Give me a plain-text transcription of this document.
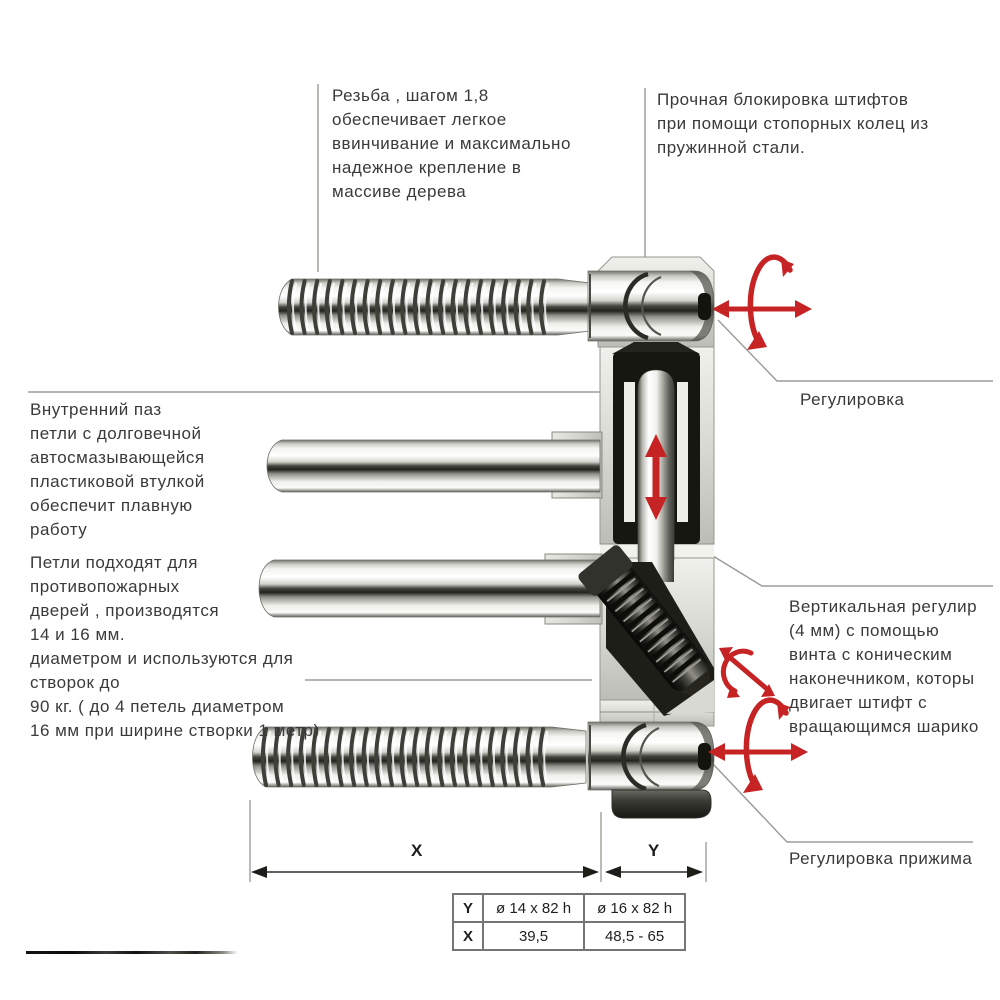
Резьба , шагом 1,8
обеспечивает легкое
ввинчивание и максимально
надежное крепление в
массиве дерева
Прочная блокировка штифтов
при помощи стопорных колец из
пружинной стали.
Внутренний паз
петли с долговечной
автосмазывающейся
пластиковой втулкой
обеспечит плавную
работу
Петли подходят для
противопожарных
дверей , производятся
14 и 16 мм.
диаметром и используются для
створок до
90 кг. ( до 4 петель диаметром
16 мм при ширине створки 1 метр)
Регулировка
Вертикальная регулир
(4 мм) с помощью
винта с коническим
наконечником, которы
двигает штифт с
вращающимся шарико
Регулировка прижима
X	Y
Y	ø 14 x 82 h	ø 16 x 82 h
X	39,5	48,5 - 65
